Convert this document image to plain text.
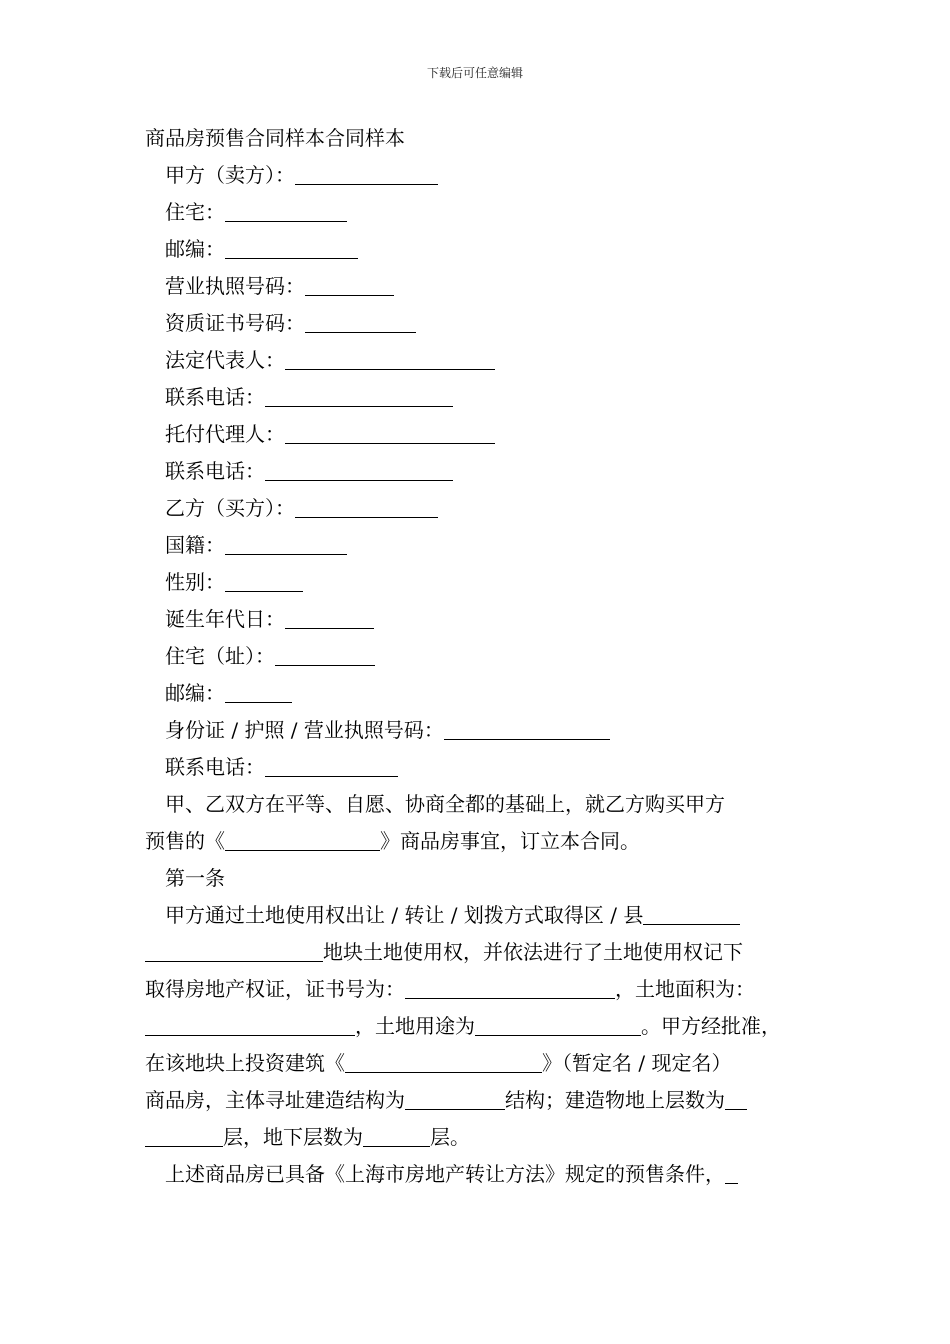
下载后可任意编辑
商品房预售合同样本合同样本
甲方（卖方）：
住宅：
邮编：
营业执照号码：
资质证书号码：
法定代表人：
联系电话：
托付代理人：
联系电话：
乙方（买方）：
国籍：
性别：
诞生年代日：
住宅（址）：
邮编：
身份证 / 护照 / 营业执照号码：
联系电话：
甲、乙双方在平等、自愿、协商全都的基础上，就乙方购买甲方
预售的《	》商品房事宜，订立本合同。
第一条
甲方通过土地使用权出让 / 转让 / 划拨方式取得区 / 县
地块土地使用权，并依法进行了土地使用权记下
取得房地产权证，证书号为：	，土地面积为：
，土地用途为	。甲方经批准，
在该地块上投资建筑《	》（暂定名 / 现定名）
商品房，主体寻址建造结构为	结构；建造物地上层数为
层，地下层数为	层。
上述商品房已具备《上海市房地产转让方法》规定的预售条件，
